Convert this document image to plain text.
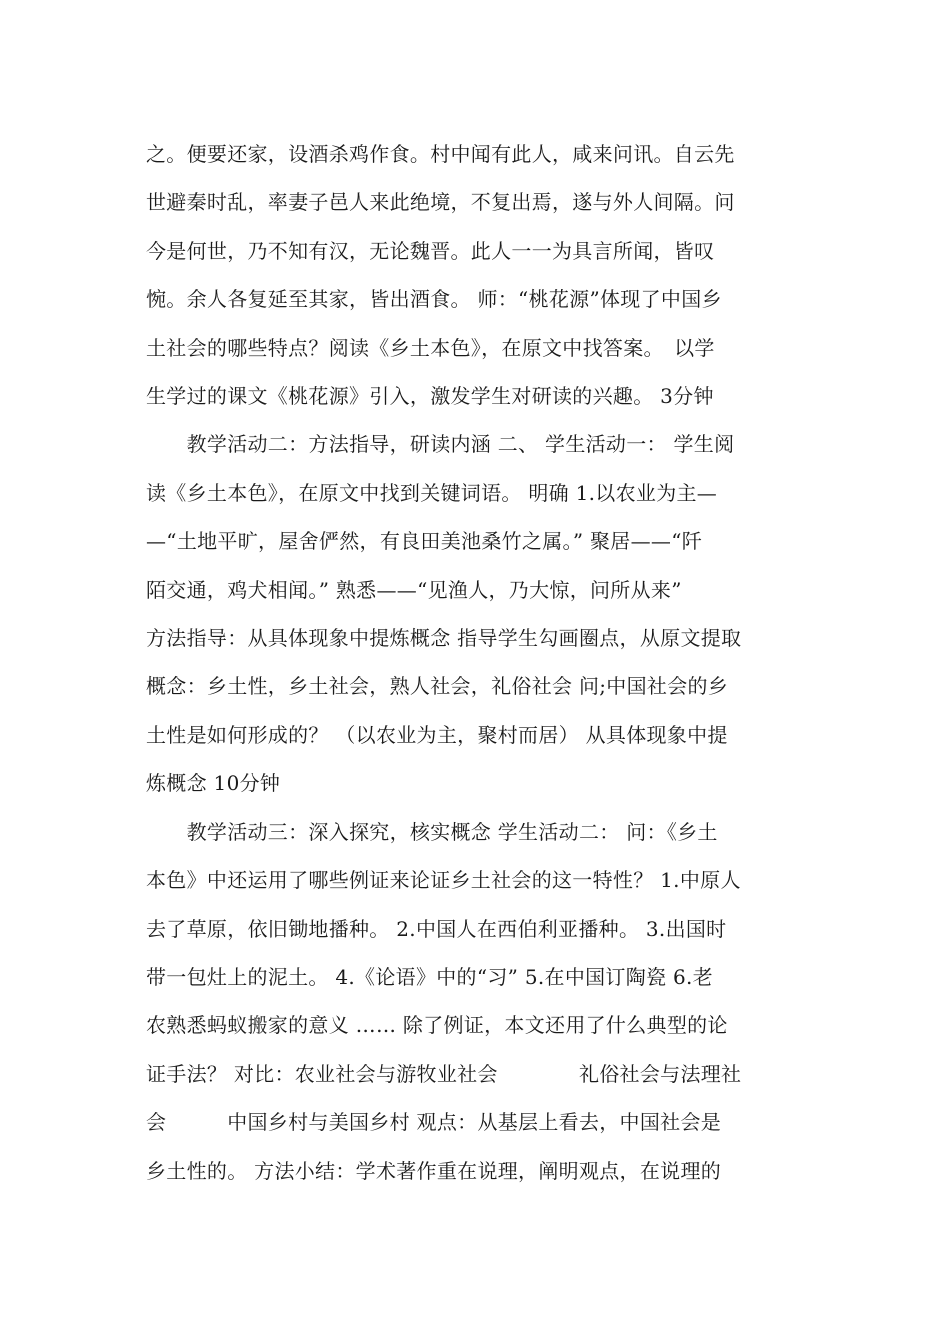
之。便要还家，设酒杀鸡作食。村中闻有此人，咸来问讯。自云先
世避秦时乱，率妻子邑人来此绝境，不复出焉，遂与外人间隔。问
今是何世，乃不知有汉，无论魏晋。此人一一为具言所闻，皆叹
惋。余人各复延至其家，皆出酒食。 师：“桃花源”体现了中国乡
土社会的哪些特点？阅读《乡土本色》，在原文中找答案。　以学
生学过的课文《桃花源》引入，激发学生对研读的兴趣。 3分钟
　　教学活动二：方法指导，研读内涵 二、 学生活动一： 学生阅
读《乡土本色》，在原文中找到关键词语。 明确 1.以农业为主—
—“土地平旷，屋舍俨然，有良田美池桑竹之属。” 聚居——“阡
陌交通，鸡犬相闻。” 熟悉——“见渔人，乃大惊，问所从来”
方法指导：从具体现象中提炼概念 指导学生勾画圈点，从原文提取
概念：乡土性，乡土社会，熟人社会，礼俗社会 问;中国社会的乡
土性是如何形成的？ （以农业为主，聚村而居） 从具体现象中提
炼概念 10分钟
　　教学活动三：深入探究，核实概念 学生活动二： 问：《乡土
本色》中还运用了哪些例证来论证乡土社会的这一特性？ 1.中原人
去了草原，依旧锄地播种。 2.中国人在西伯利亚播种。 3.出国时
带一包灶上的泥土。 4.《论语》中的“习” 5.在中国订陶瓷 6.老
农熟悉蚂蚁搬家的意义 …… 除了例证，本文还用了什么典型的论
证手法？ 对比：农业社会与游牧业社会　　　　礼俗社会与法理社
会　　　中国乡村与美国乡村 观点：从基层上看去，中国社会是
乡土性的。 方法小结：学术著作重在说理，阐明观点，在说理的
